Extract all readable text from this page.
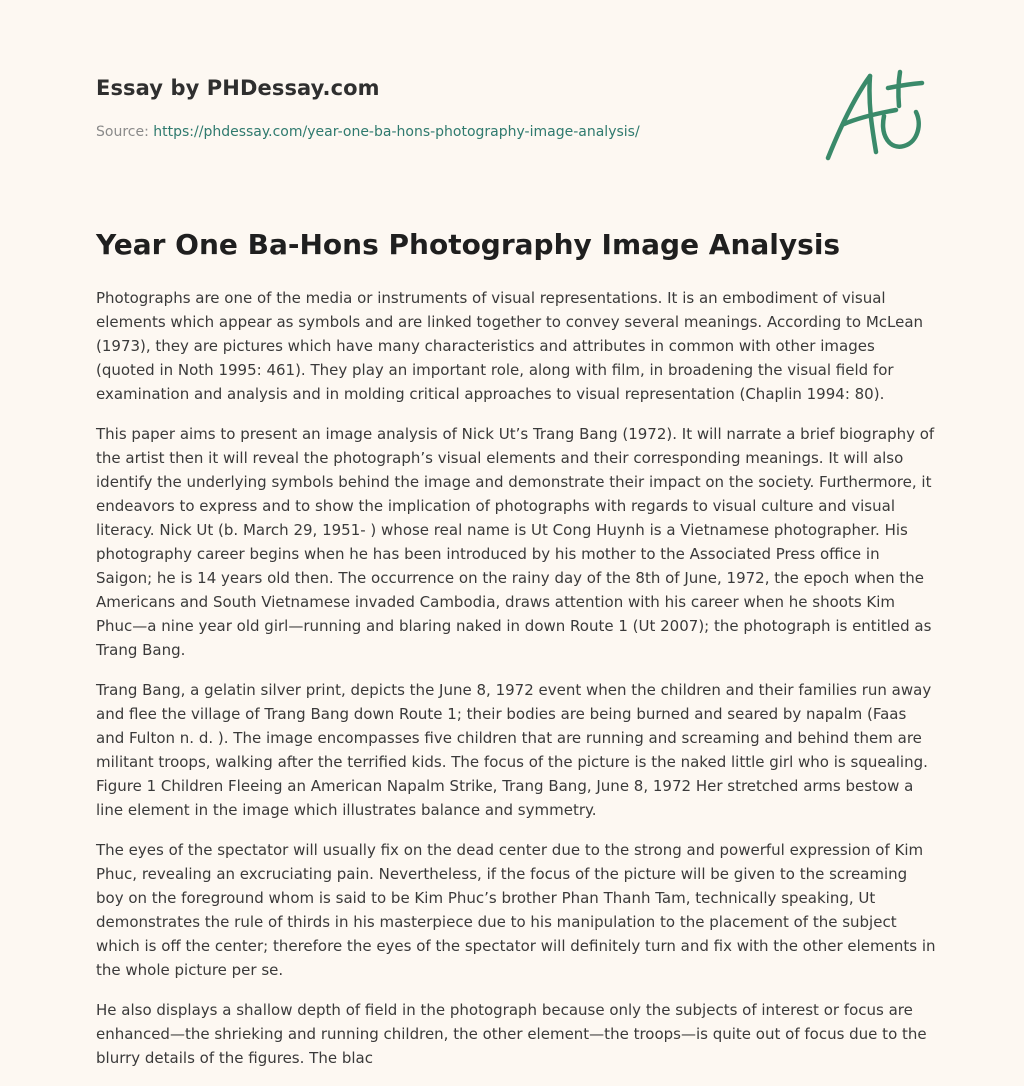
Essay by PHDessay.com
Source: https://phdessay.com/year-one-ba-hons-photography-image-analysis/
Year One Ba-Hons Photography Image Analysis

Photographs are one of the media or instruments of visual representations. It is an embodiment of visual elements which appear as symbols and are linked together to convey several meanings. According to McLean (1973), they are pictures which have many characteristics and attributes in common with other images (quoted in Noth 1995: 461). They play an important role, along with film, in broadening the visual field for examination and analysis and in molding critical approaches to visual representation (Chaplin 1994: 80).

This paper aims to present an image analysis of Nick Ut’s Trang Bang (1972). It will narrate a brief biography of the artist then it will reveal the photograph’s visual elements and their corresponding meanings. It will also identify the underlying symbols behind the image and demonstrate their impact on the society. Furthermore, it endeavors to express and to show the implication of photographs with regards to visual culture and visual literacy. Nick Ut (b. March 29, 1951- ) whose real name is Ut Cong Huynh is a Vietnamese photographer. His photography career begins when he has been introduced by his mother to the Associated Press office in Saigon; he is 14 years old then. The occurrence on the rainy day of the 8th of June, 1972, the epoch when the Americans and South Vietnamese invaded Cambodia, draws attention with his career when he shoots Kim Phuc—a nine year old girl—running and blaring naked in down Route 1 (Ut 2007); the photograph is entitled as Trang Bang.

Trang Bang, a gelatin silver print, depicts the June 8, 1972 event when the children and their families run away and flee the village of Trang Bang down Route 1; their bodies are being burned and seared by napalm (Faas and Fulton n. d. ). The image encompasses five children that are running and screaming and behind them are militant troops, walking after the terrified kids. The focus of the picture is the naked little girl who is squealing. Figure 1 Children Fleeing an American Napalm Strike, Trang Bang, June 8, 1972 Her stretched arms bestow a line element in the image which illustrates balance and symmetry.

The eyes of the spectator will usually fix on the dead center due to the strong and powerful expression of Kim Phuc, revealing an excruciating pain. Nevertheless, if the focus of the picture will be given to the screaming boy on the foreground whom is said to be Kim Phuc’s brother Phan Thanh Tam, technically speaking, Ut demonstrates the rule of thirds in his masterpiece due to his manipulation to the placement of the subject which is off the center; therefore the eyes of the spectator will definitely turn and fix with the other elements in the whole picture per se.

He also displays a shallow depth of field in the photograph because only the subjects of interest or focus are enhanced—the shrieking and running children, the other element—the troops—is quite out of focus due to the blurry details of the figures. The blac
